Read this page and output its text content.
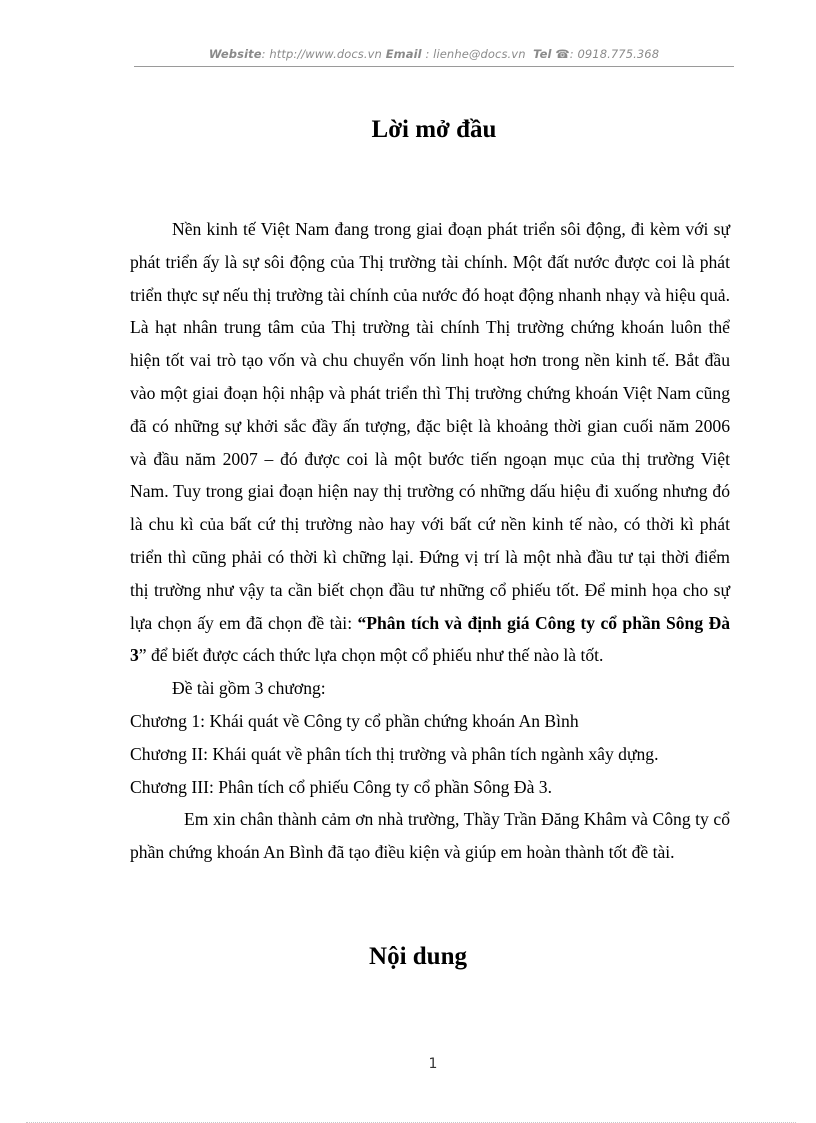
Website: http://www.docs.vn Email : lienhe@docs.vn Tel ☎: 0918.775.368
Lời mở đầu

Nền kinh tế Việt Nam đang trong giai đoạn phát triển sôi động, đi kèm với sự phát triển ấy là sự sôi động của Thị trường tài chính. Một đất nước được coi là phát triển thực sự nếu thị trường tài chính của nước đó hoạt động nhanh nhạy và hiệu quả. Là hạt nhân trung tâm của Thị trường tài chính Thị trường chứng khoán luôn thể hiện tốt vai trò tạo vốn và chu chuyển vốn linh hoạt hơn trong nền kinh tế. Bắt đầu vào một giai đoạn hội nhập và phát triển thì Thị trường chứng khoán Việt Nam cũng đã có những sự khởi sắc đầy ấn tượng, đặc biệt là khoảng thời gian cuối năm 2006 và đầu năm 2007 – đó được coi là một bước tiến ngoạn mục của thị trường Việt Nam. Tuy trong giai đoạn hiện nay thị trường có những dấu hiệu đi xuống nhưng đó là chu kì của bất cứ thị trường nào hay với bất cứ nền kinh tế nào, có thời kì phát triển thì cũng phải có thời kì chững lại. Đứng vị trí là một nhà đầu tư tại thời điểm thị trường như vậy ta cần biết chọn đầu tư những cổ phiếu tốt. Để minh họa cho sự lựa chọn ấy em đã chọn đề tài: “Phân tích và định giá Công ty cổ phần Sông Đà 3” để biết được cách thức lựa chọn một cổ phiếu như thế nào là tốt.

Đề tài gồm 3 chương:

Chương 1: Khái quát về Công ty cổ phần chứng khoán An Bình

Chương II: Khái quát về phân tích thị trường và phân tích ngành xây dựng.

Chương III: Phân tích cổ phiếu Công ty cổ phần Sông Đà 3.

Em xin chân thành cảm ơn nhà trường, Thầy Trần Đăng Khâm và Công ty cổ phần chứng khoán An Bình đã tạo điều kiện và giúp em hoàn thành tốt đề tài.

Nội dung
1
